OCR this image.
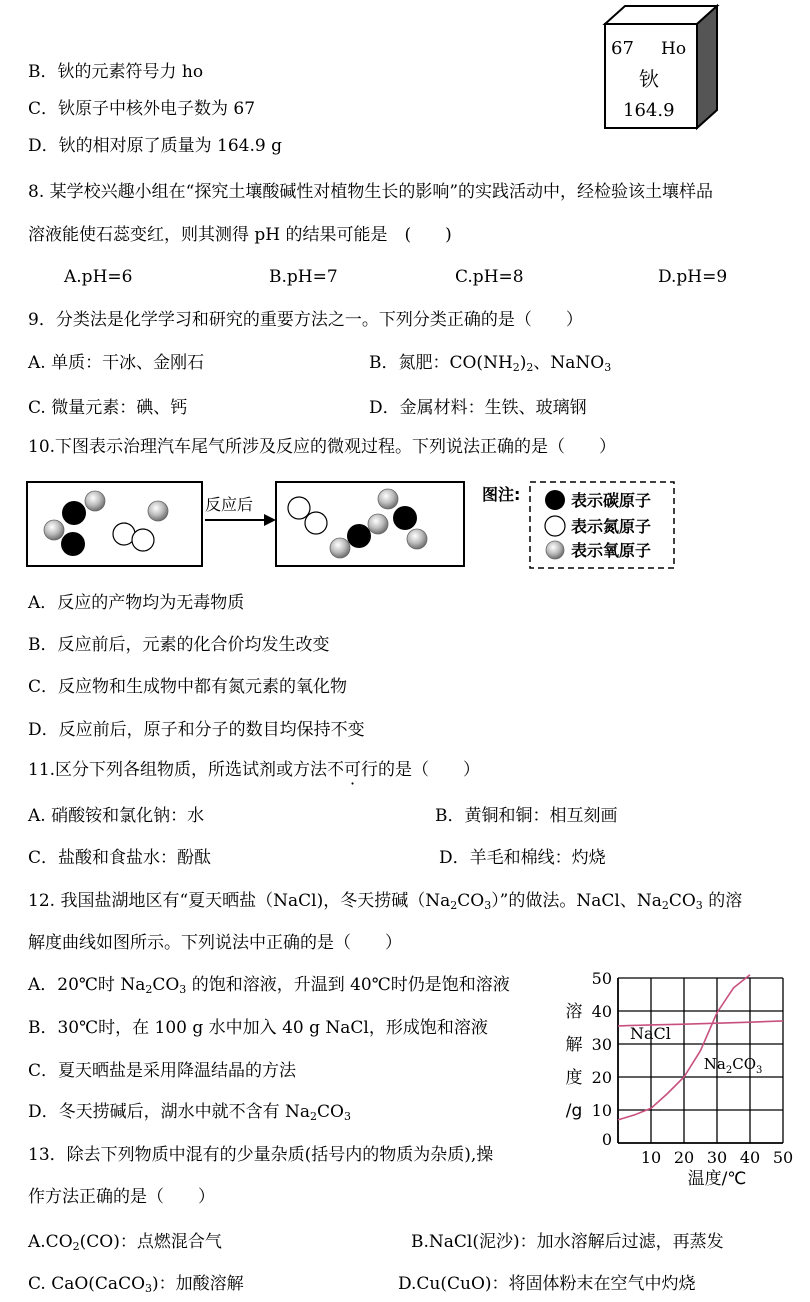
67 Ho
钬
164.9
B．钬的元素符号力 ho
C．钬原子中核外电子数为 67
D．钬的相对原了质量为 164.9 g
8. 某学校兴趣小组在“探究土壤酸碱性对植物生长的影响”的实践活动中，经检验该土壤样品
溶液能使石蕊变红，则其测得 pH 的结果可能是　(　　)
A.pH=6	B.pH=7	C.pH=8	D.pH=9
9．分类法是化学学习和研究的重要方法之一。下列分类正确的是（　　）
A. 单质：干冰、金刚石	B．氮肥：$CO(NH_2)_2$、NaNO$_3$
C. 微量元素：碘、钙	D．金属材料：生铁、玻璃钢
10.下图表示治理汽车尾气所涉及反应的微观过程。下列说法正确的是（　　）
反应后
图注:	表示碳原子
表示氮原子
表示氧原子
A．反应的产物均为无毒物质
B．反应前后，元素的化合价均发生改变
C．反应物和生成物中都有氮元素的氧化物
D．反应前后，原子和分子的数目均保持不变
11.区分下列各组物质，所选试剂或方法不可行的是（　　）
A. 硝酸铵和氯化钠：水	B．黄铜和铜：相互刻画
C．盐酸和食盐水：酚酞	D．羊毛和棉线：灼烧
12. 我国盐湖地区有“夏天晒盐（NaCl)，冬天捞碱$(Na_2CO_3)$”的做法。NaCl、$Na_2CO_3$ 的溶
解度曲线如图所示。下列说法中正确的是（　　）
A．20℃时 $Na_2CO_3$ 的饱和溶液，升温到 40℃时仍是饱和溶液
B．30℃时，在 100 g 水中加入 40 g NaCl，形成饱和溶液
C．夏天晒盐是采用降温结晶的方法
D．冬天捞碱后，湖水中就不含有 $Na_2CO_3$
0
10
20
30
40
50
10 20 30 40 50
NaCl
$Na_2CO_3$
溶
解
度
/g
温度/℃
13．除去下列物质中混有的少量杂质(括号内的物质为杂质),操
作方法正确的是（　　）
$A.CO_2(CO)$：点燃混合气	B.NaCl(泥沙)：加水溶解后过滤，再蒸发
C. CaO(CaCO$_3$)：加酸溶解	D.Cu(CuO)：将固体粉末在空气中灼烧
